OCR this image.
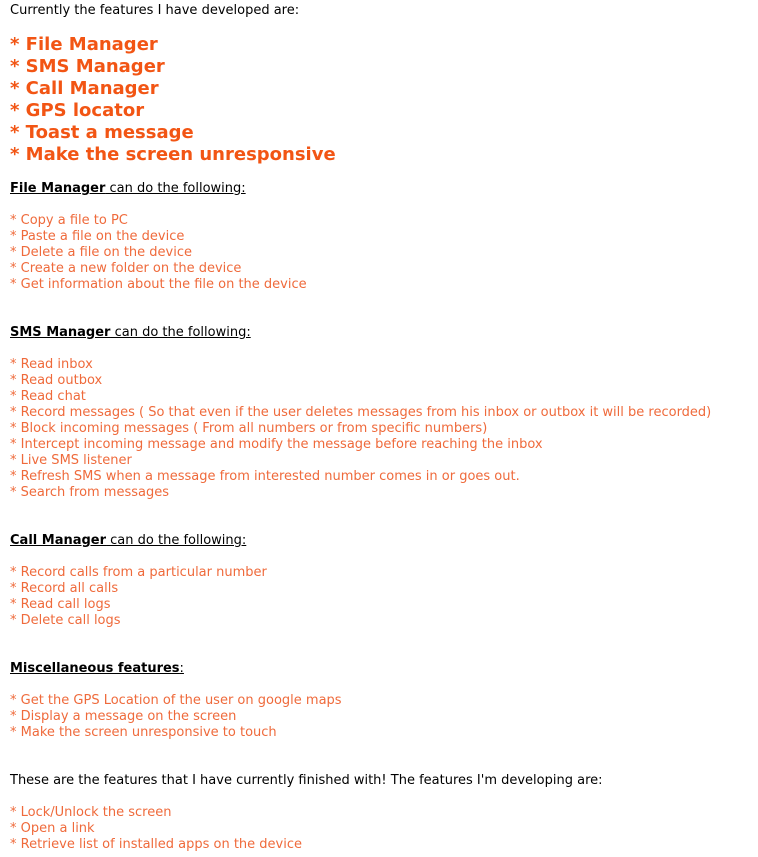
Currently the features I have developed are:
* File Manager
* SMS Manager
* Call Manager
* GPS locator
* Toast a message
* Make the screen unresponsive
File Manager can do the following:
* Copy a file to PC
* Paste a file on the device
* Delete a file on the device
* Create a new folder on the device
* Get information about the file on the device
SMS Manager can do the following:
* Read inbox
* Read outbox
* Read chat
* Record messages ( So that even if the user deletes messages from his inbox or outbox it will be recorded)
* Block incoming messages ( From all numbers or from specific numbers)
* Intercept incoming message and modify the message before reaching the inbox
* Live SMS listener
* Refresh SMS when a message from interested number comes in or goes out.
* Search from messages
Call Manager can do the following:
* Record calls from a particular number
* Record all calls
* Read call logs
* Delete call logs
Miscellaneous features:
* Get the GPS Location of the user on google maps
* Display a message on the screen
* Make the screen unresponsive to touch
These are the features that I have currently finished with! The features I'm developing are:
* Lock/Unlock the screen
* Open a link
* Retrieve list of installed apps on the device
